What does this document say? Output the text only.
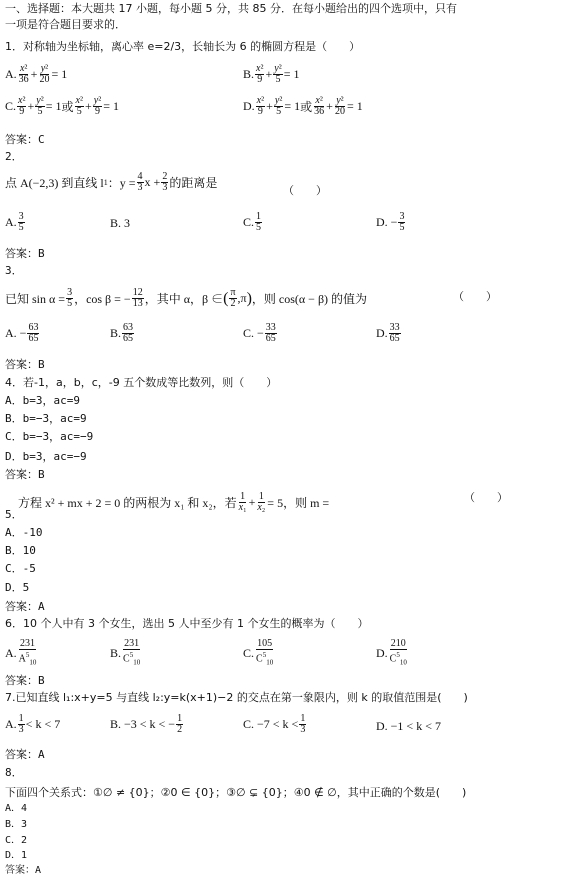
一、选择题：本大题共 17 小题，每小题 5 分，共 85 分．在每小题给出的四个选项中，只有
一项是符合题目要求的．
1．对称轴为坐标轴，离心率 e=2/3，长轴长为 6 的椭圆方程是（　　）
A. $\frac{\text{x²}}{36} + \frac{\text{y²}}{20} = 1$	B. $\frac{\text{x²}}{9} + \frac{\text{y²}}{5} = 1$
C. $\frac{\text{x²}}{9} + \frac{\text{y²}}{5} = 1$ 或 $\frac{\text{x²}}{5} + \frac{\text{y²}}{9} = 1$	D. $\frac{\text{x²}}{9} + \frac{\text{y²}}{5} = 1$ 或 $\frac{\text{x²}}{36} + \frac{\text{y²}}{20} = 1$
答案：C
2．
点 A(−2,3) 到直线 l 1 ：$y = \frac{4}{3}$ $x + \frac{2}{3}$ 的距离是
（　　）
A. $\frac{3}{5}$	B. 3	C. $\frac{1}{5}$	D. − $\frac{3}{5}$
答案：B
3．
已知 $\sin \alpha = \frac{3}{5}$ ，cos β = − $\frac{12}{13}$ ，其中 α，β ∈ ( $\frac{\pi}{2} ,\pi$ ) ，则 cos(α − β) 的值为	（　　）
A. − $\frac{63}{65}$	B. $\frac{63}{65}$	C. − $\frac{33}{65}$	D. $\frac{33}{65}$
答案：B
4．若-1，a，b，c，-9 五个数成等比数列，则（　　）
A．b=3，ac=9
B．b=−3，ac=9
C．b=−3，ac=−9
D．b=3，ac=−9
答案：B
方程 x² + mx + 2 = 0 的两根为 x₁ 和 x₂，若 $\frac{1}{\text{x₁}} + \frac{1}{\text{x₂}} = 5$，则 m =	（　　）
5．
A．-10
B．10
C．-5
D．5
答案：A
6．10 个人中有 3 个女生，选出 5 人中至少有 1 个女生的概率为（　　）
A. $\frac{231}{A^5_{10}}$	B. $\frac{231}{C^5_{10}}$	C. $\frac{105}{C^5_{10}}$	D. $\frac{210}{C^5_{10}}$
答案：B
7.已知直线 l₁:x+y=5 与直线 l₂:y=k(x+1)−2 的交点在第一象限内，则 k 的取值范围是(　　)
A. $\frac{1}{3} < k < 7$	B. −3 < k < − $\frac{1}{2}$	C. $-7 < k < \frac{1}{3}$	D. −1 < k < 7
答案：A
8．
下面四个关系式：①∅ ≠ {0}；②0 ∈ {0}；③∅ ⊊ {0}；④0 ∉ ∅，其中正确的个数是(　　)
A．4
B．3
C．2
D．1
答案：A
